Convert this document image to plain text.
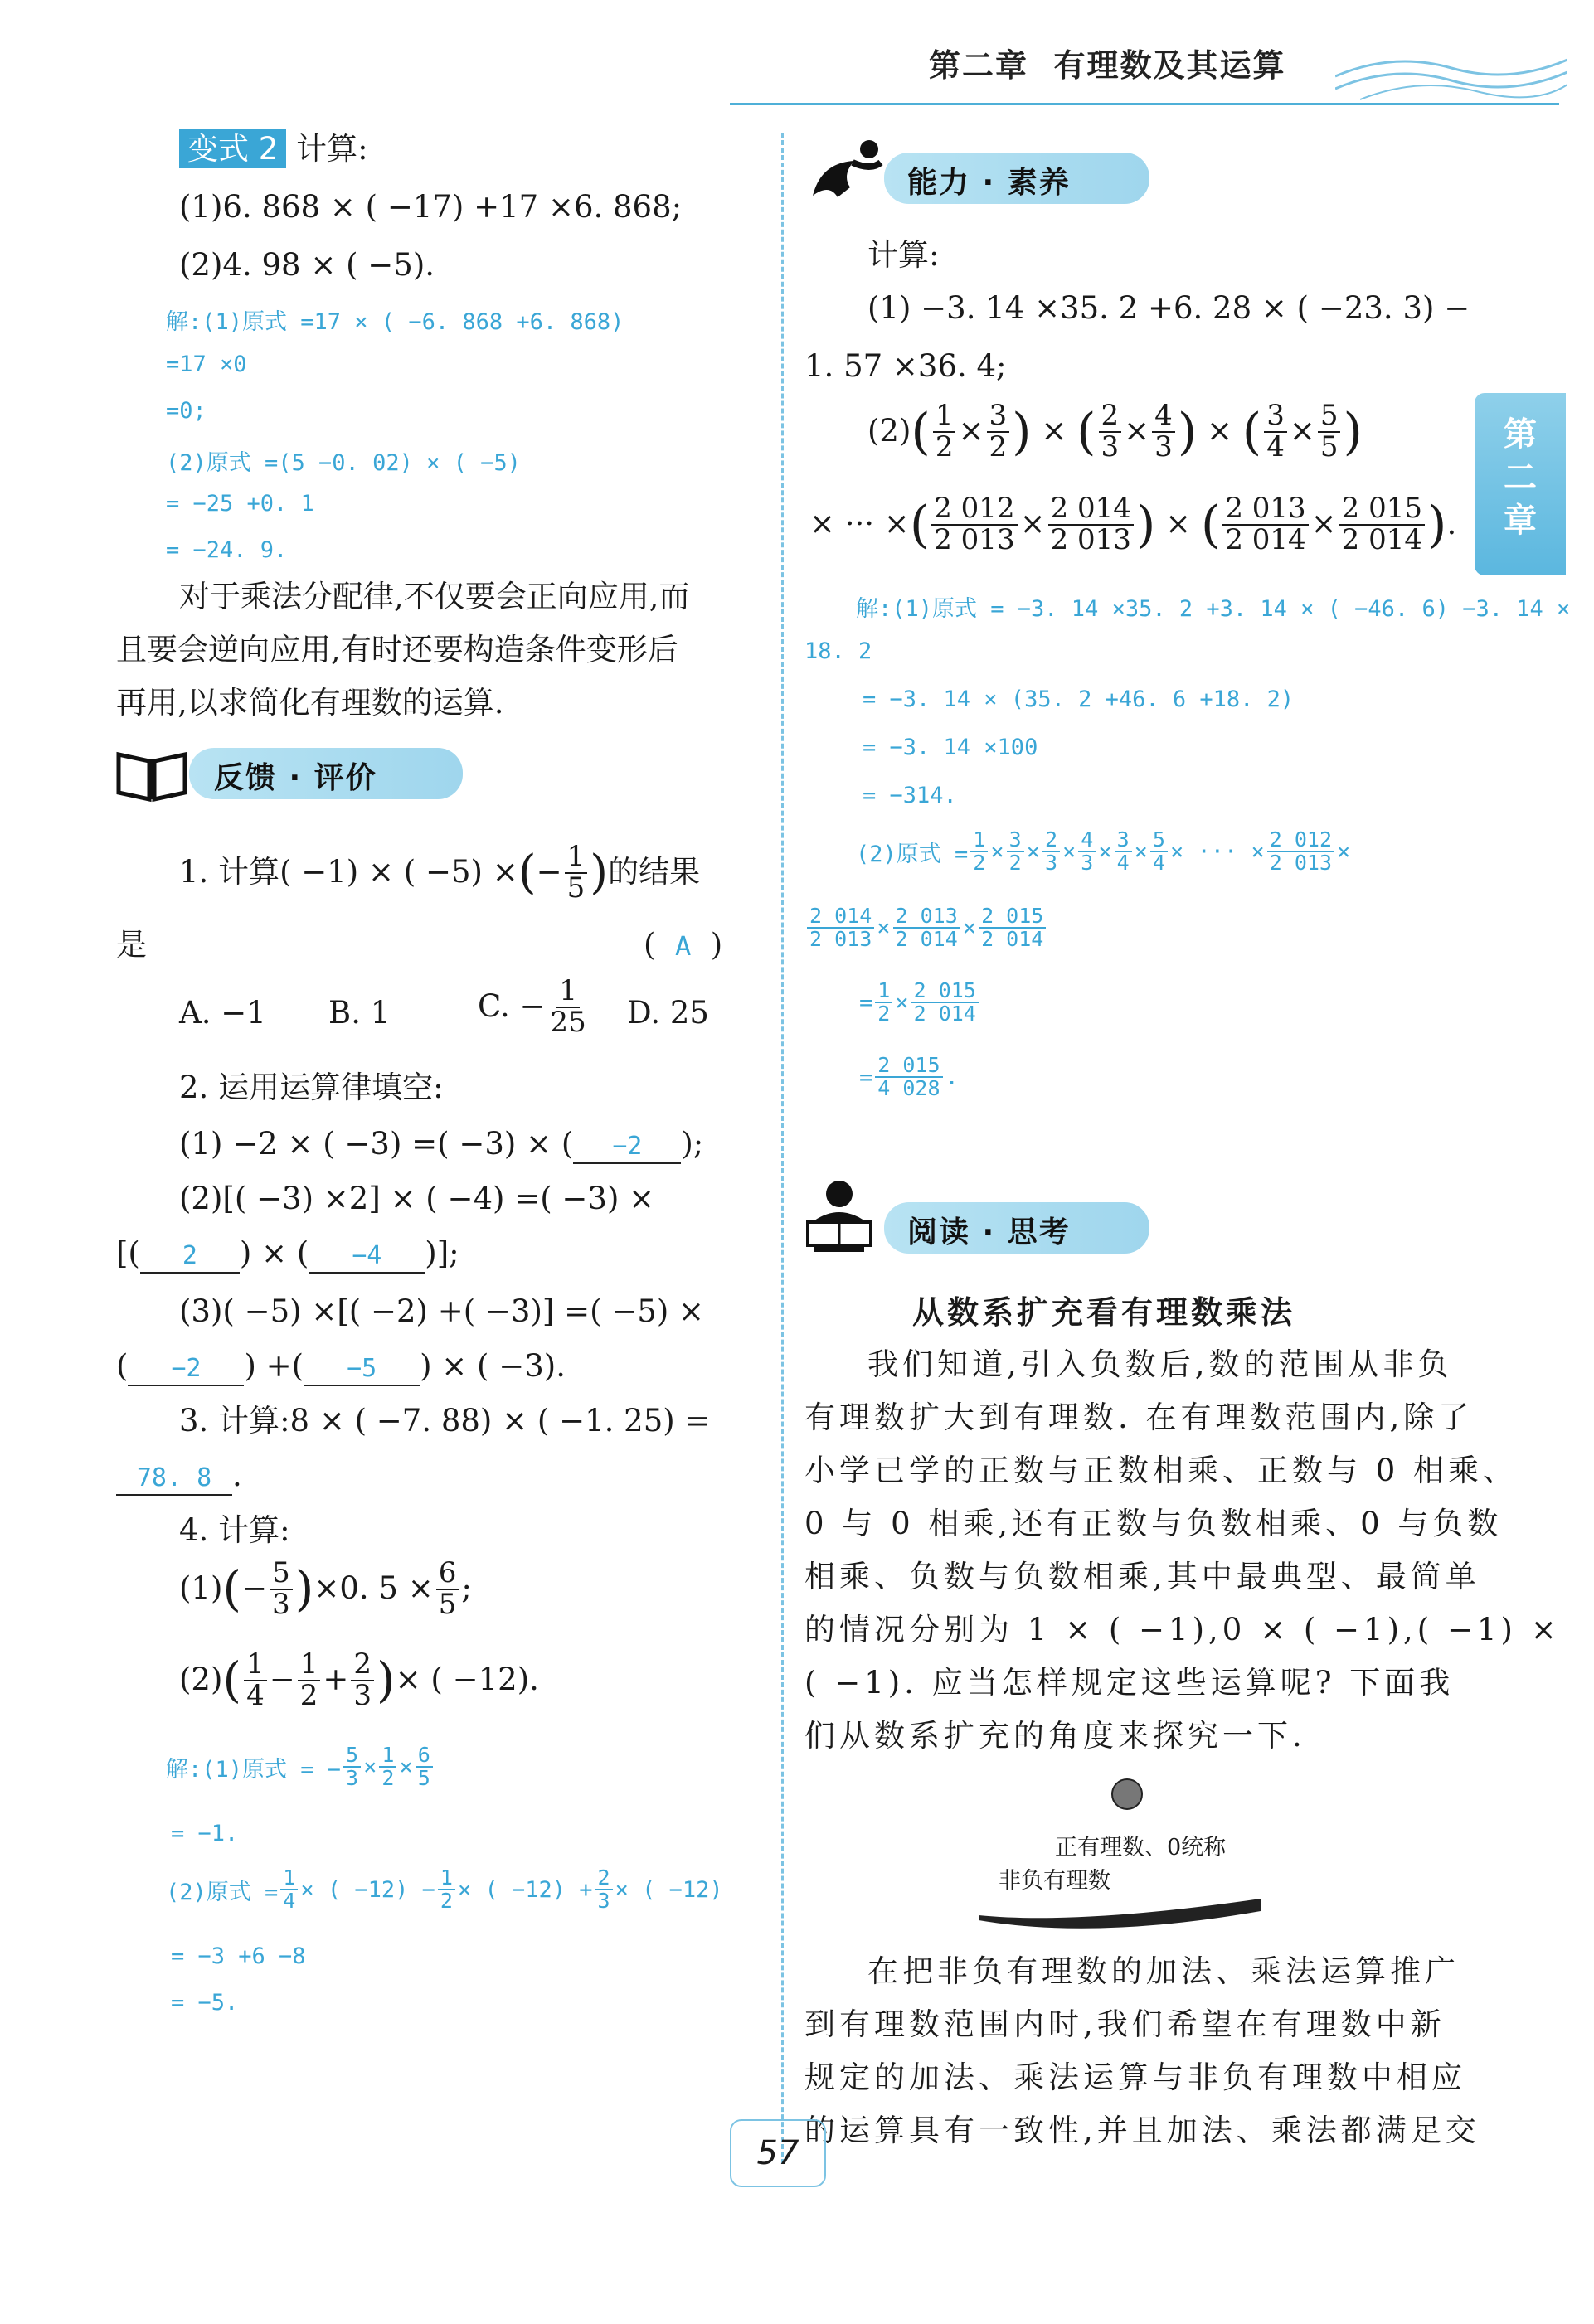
第二章 有理数及其运算
第二章
变式 2 计算:
(1)6. 868 × ( −17) +17 ×6. 868;
(2)4. 98 × ( −5).
解:(1)原式 =17 × ( −6. 868 +6. 868)
=17 ×0
=0;
(2)原式 =(5 −0. 02) × ( −5)
= −25 +0. 1
= −24. 9.
对于乘法分配律,不仅要会正向应用,而
且要会逆向应用,有时还要构造条件变形后
再用,以求简化有理数的运算.
反馈 · 评价
1. 计算( −1) × ( −5) × ( − $\frac{1}{5}$ ) 的结果
是	(  A  )
A. −1 B. 1	C. − $\frac{1}{25} D$. 25
2. 运用运算律填空:
(1) −2 × ( −3) =( −3) × ( −2 );
(2)[( −3) ×2] × ( −4) =( −3) ×
[( 2 ) × ( −4 )];
(3)( −5) ×[( −2) +( −3)] =( −5) ×
( −2 ) +( −5 ) × ( −3).
3. 计算:8 × ( −7. 88) × ( −1. 25) =
78. 8 .
4. 计算:
(1) ( − $\frac{5}{3}$ ) ×0. $5 \times \frac{6}{5}$ ;
(2) ( $\frac{1}{4} - \frac{1}{2} + \frac{2}{3}$ ) × ( −12).
解:(1)原式 = − $\frac{5}{3} \times \frac{1}{2} \times \frac{6}{5}$
= −1.
(2)原式 = $\frac{1}{4}$ × ( $-12) - \frac{1}{2}$ × ( $-12) + \frac{2}{3}$ × ( −12)
= −3 +6 −8
= −5.
能力 · 素养
计算:
(1) −3. 14 ×35. 2 +6. 28 × ( −23. 3) −
1. 57 ×36. 4;
(2) ( $\frac{1}{2} \times \frac{3}{2}$ ) × ( $\frac{2}{3} \times \frac{4}{3}$ ) × ( $\frac{3}{4} \times \frac{5}{5}$ )
× ··· × ( $\frac{2 012}{2 013} \times \frac{2 014}{2 013}$ ) × ( $\frac{2 013}{2 014} \times \frac{2 015}{2 014}$ ) .
解:(1)原式 = −3. 14 ×35. 2 +3. 14 × ( −46. 6) −3. 14 ×
18. 2
= −3. 14 × (35. 2 +46. 6 +18. 2)
= −3. 14 ×100
= −314.
(2)原式 = $\frac{1}{2} \times \frac{3}{2} \times \frac{2}{3} \times \frac{4}{3} \times \frac{3}{4} \times \frac{5}{4}$ × ··· × $\frac{2 012}{2 013}$ ×
$\frac{2 014}{2 013} \times \frac{2 013}{2 014} \times \frac{2 015}{2 014}$
= $\frac{1}{2} \times \frac{2 015}{2 014}$
= $\frac{2 015}{4 028}$ .
阅读 · 思考
从数系扩充看有理数乘法
我们知道,引入负数后,数的范围从非负
有理数扩大到有理数. 在有理数范围内,除了
小学已学的正数与正数相乘、正数与 0 相乘、
0 与 0 相乘,还有正数与负数相乘、0 与负数
相乘、负数与负数相乘,其中最典型、最简单
的情况分别为 1 × ( −1),0 × ( −1),( −1) ×
( −1). 应当怎样规定这些运算呢? 下面我
们从数系扩充的角度来探究一下.
正有理数、0统称
非负有理数
在把非负有理数的加法、乘法运算推广
到有理数范围内时,我们希望在有理数中新
规定的加法、乘法运算与非负有理数中相应
的运算具有一致性,并且加法、乘法都满足交
57
